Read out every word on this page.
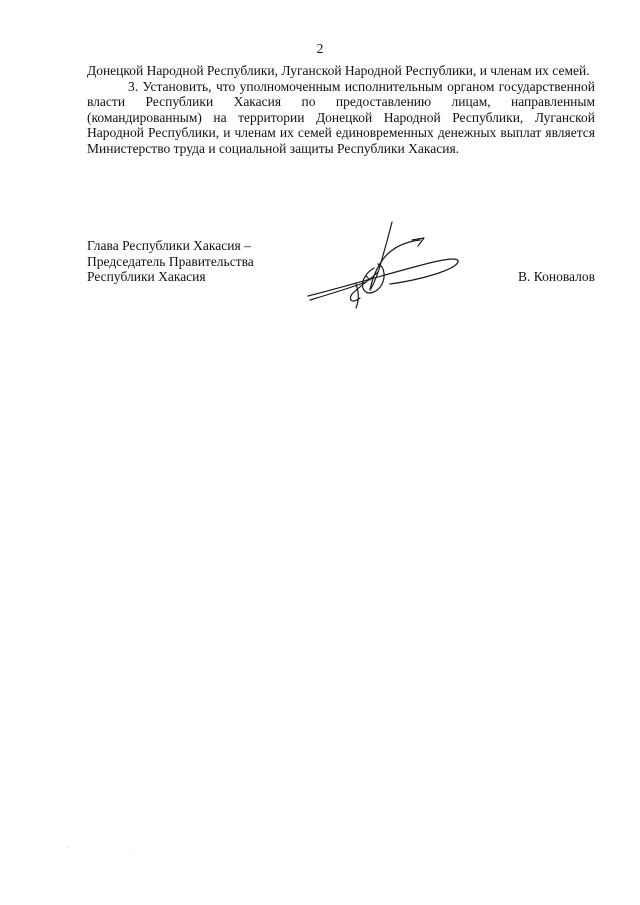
2

Донецкой Народной Республики, Луганской Народной Республики, и членам их семей.

3. Установить, что уполномоченным исполнительным органом государственной власти Республики Хакасия по предоставлению лицам, направленным (командированным) на территории Донецкой Народной Республики, Луганской Народной Республики, и членам их семей единовременных денежных выплат является Министерство труда и социальной защиты Республики Хакасия.

Глава Республики Хакасия –
Председатель Правительства
Республики Хакасия	В. Коновалов
